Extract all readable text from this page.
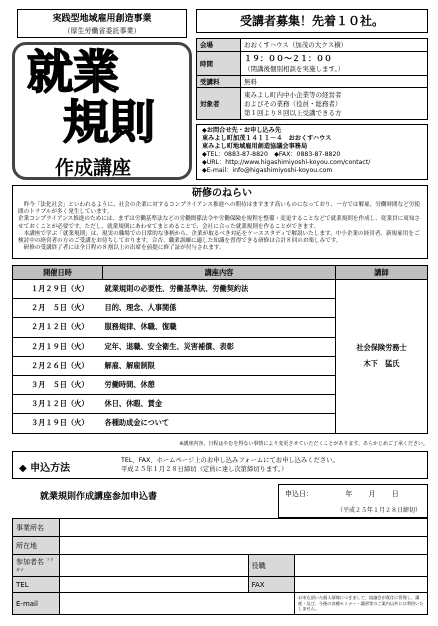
実践型地域雇用創造事業
（厚生労働省委託事業）
就業
規則
作成講座
受講者募集！先着１０社。
会場	おおくすハウス（加茂の大クス横）
時間	１９：００～２１：００
（閉講後個別相談を実施します。）

受講料	無料
対象者	東みよし町内中小企業等の経営者
およびその業務（役員・総務者）
第１回より８回以上受講できる方
◆お問合せ先・お申し込み先
東みよし町加茂１４１１－４　おおくすハウス
東みよし町地域雇用創造協議会事務局
◆TEL：0883-87-8820　◆FAX：0883-87-8820
◆URL：http://www.higashimiyoshi-koyou.com/contact/
◆E-mail：info@higashimiyoshi-koyou.com
研修のねらい
　昨今「法化社会」といわれるように、社会の企業に対するコンプライアンス推進への期待はますます高いものになっており、一方では解雇、労働時間など労使間のトラブルが多く発生しています。
企業コンプライアンス推進のためには、まずは労働基準法などの労働関係法令や労働保険を規程を整備・変更することなどで就業規則を作成し、従業員に周知させておくことが必要です。ただし、就業規則にあわせてまとめることで、会社に合った就業規則を作ることができます。
　本講座で学ぶ「就業規則」は、現実の職場での日常的な事柄から、企業が取るべき対応をケーススタディで解説いたします。中小企業の経営者、新規雇用をご検討中の経営者の方のご受講をお待ちしております。合否、職業訓練に適した知識を習得できる研修は合計８回のお楽しみです。
　研修の受講終了者には全日程の８割以上の出席を前提に修了証が付与されます。
開催日時	講座内容	講師
１月２９日（火）	就業規則の必要性、労働基準法、労働契約法	社会保険労務士
木下　猛氏

２月　５日（火）	目的、理念、人事関係	
２月１２日（火）	服務規律、休職、復職	
２月１９日（火）	定年、退職、安全衛生、災害補償、表彰	
２月２６日（火）	解雇、解雇制限	
３月　５日（火）	労働時間、休憩	
３月１２日（火）	休日、休暇、賃金	
３月１９日（火）	各種助成金について	
※講座内容、日程はやむを得ない事情により変更させていただくことがあります。あらかじめご了承ください。
◆ 申込方法
TEL、FAX、ホームページ上のお申し込みフォームにてお申し込みください。
平成２５年１月２８日締切（定員に達し次第締切ります。）
就業規則作成講座参加申込書	申込日：	年 月 日
（平成２５年１月２８日締切）
事業所名			
所在地			
参加者名 $^{フリガナ}$		役職	
TEL		FAX	
E-mail			お申込頂いた個人情報につきまして、協議会が責任に管理し、講座・及び、今後の各種セミナー・講習等のご案内以外には利用いたしません。
